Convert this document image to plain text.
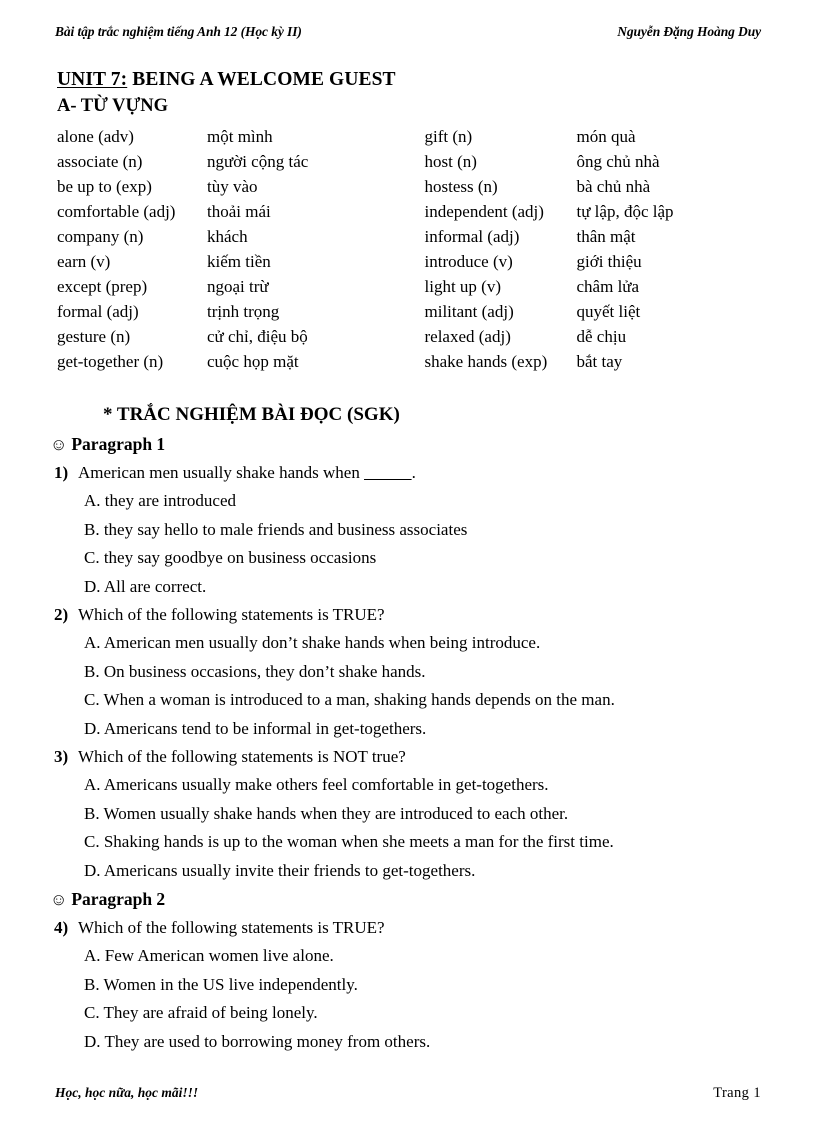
Bài tập trắc nghiệm tiếng Anh 12 (Học kỳ II)	Nguyễn Đặng Hoàng Duy
UNIT 7: BEING A WELCOME GUEST
A- TỪ VỰNG
alone (adv)	một mình	gift (n)	món quà
associate (n)	người cộng tác	host (n)	ông chủ nhà
be up to (exp)	tùy vào	hostess (n)	bà chủ nhà
comfortable (adj)	thoải mái	independent (adj)	tự lập, độc lập
company (n)	khách	informal (adj)	thân mật
earn (v)	kiếm tiền	introduce (v)	giới thiệu
except (prep)	ngoại trừ	light up (v)	châm lửa
formal (adj)	trịnh trọng	militant (adj)	quyết liệt
gesture (n)	cử chỉ, điệu bộ	relaxed (adj)	dễ chịu
get-together (n)	cuộc họp mặt	shake hands (exp)	bắt tay
* TRẮC NGHIỆM BÀI ĐỌC (SGK)
☺ Paragraph 1
1) American men usually shake hands when _____.
A. they are introduced
B. they say hello to male friends and business associates
C. they say goodbye on business occasions
D. All are correct.
2) Which of the following statements is TRUE?
A. American men usually don’t shake hands when being introduce.
B. On business occasions, they don’t shake hands.
C. When a woman is introduced to a man, shaking hands depends on the man.
D. Americans tend to be informal in get-togethers.
3) Which of the following statements is NOT true?
A. Americans usually make others feel comfortable in get-togethers.
B. Women usually shake hands when they are introduced to each other.
C. Shaking hands is up to the woman when she meets a man for the first time.
D. Americans usually invite their friends to get-togethers.
☺ Paragraph 2
4) Which of the following statements is TRUE?
A. Few American women live alone.
B. Women in the US live independently.
C. They are afraid of being lonely.
D. They are used to borrowing money from others.
Học, học nữa, học mãi!!!	Trang 1
